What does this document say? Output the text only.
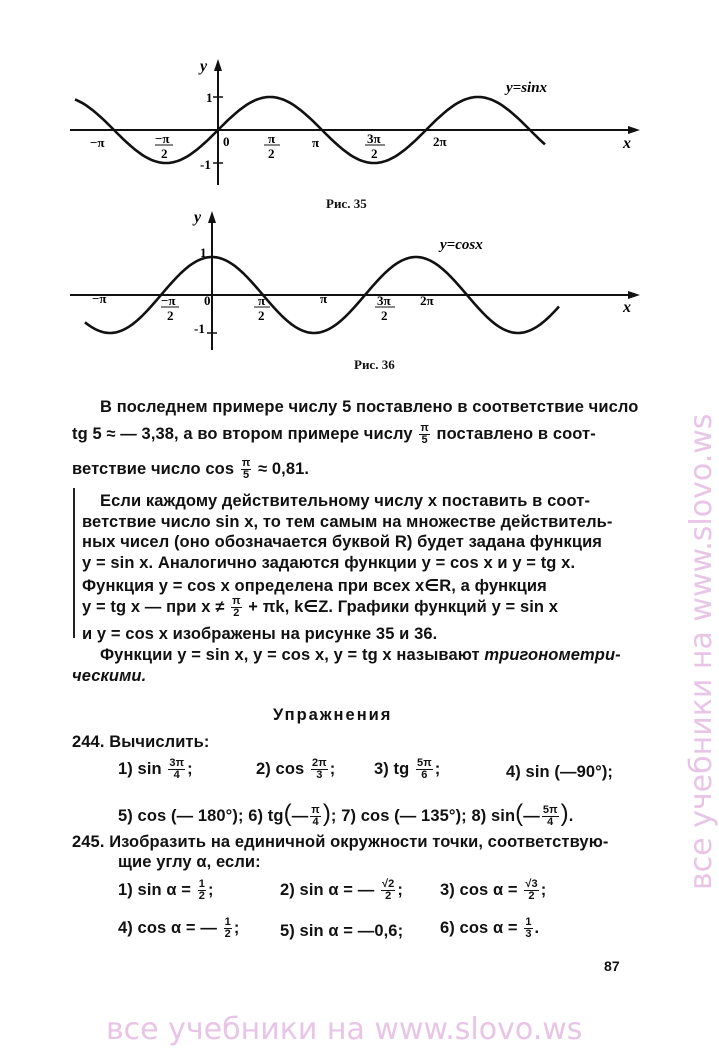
y
x
y=sinx
1
-1
−π	−π
2
0	π
2
π	3π
2
2π
Рис. 35
y
x
y=cosx
1
-1
−π	−π
2
0	π
2
π	3π
2
2π
Рис. 36
В последнем примере числу 5 поставлено в соответствие число
tg 5 ≈ — 3,38, а во втором примере числу $\frac{\pi}{5}$ поставлено в соот-
ветствие число $\cos \frac{\pi}{5} \approx 0,81$.
Если каждому действительному числу x поставить в соот-
ветствие число sin x, то тем самым на множестве действитель-
ных чисел (оно обозначается буквой R) будет задана функция
y = sin x. Аналогично задаются функции y = cos x и y = tg x.
Функция y = cos x определена при всех x∈R, а функция
y = tg x — при $x \ne \frac{\pi}{2} + \pi k$, k∈Z. Графики функций y = sin x
и y = cos x изображены на рисунке 35 и 36.
Функции y = sin x, y = cos x, y = tg x называют тригонометри-
ческими.
Упражнения
244. Вычислить:
1) $\sin \frac{3\pi}{4}$ ;	2) $\cos \frac{2\pi}{3}$ ; 3) tg $\frac{5\pi}{6}$ ;	4) sin (—90°);
5) cos (— 180°); 6) tg(— $\frac{\pi}{4}$ ); 7) cos (— 135°); 8) sin(— $\frac{5\pi}{4}$ ).
245. Изобразить на единичной окружности точки, соответствую-
щие углу α, если:
1) $\sin \alpha = \frac{1}{2}$ ;	2) sin α = — $\frac{√2}{2}$ ; 3) $\cos \alpha = \frac{√3}{2}$ ;
4) cos α = — $\frac{1}{2}$ ; 5) sin α = —0,6; 6) $\cos \alpha = \frac{1}{3}$ .
87
все учебники на www.slovo.ws
все учебники на www.slovo.ws
